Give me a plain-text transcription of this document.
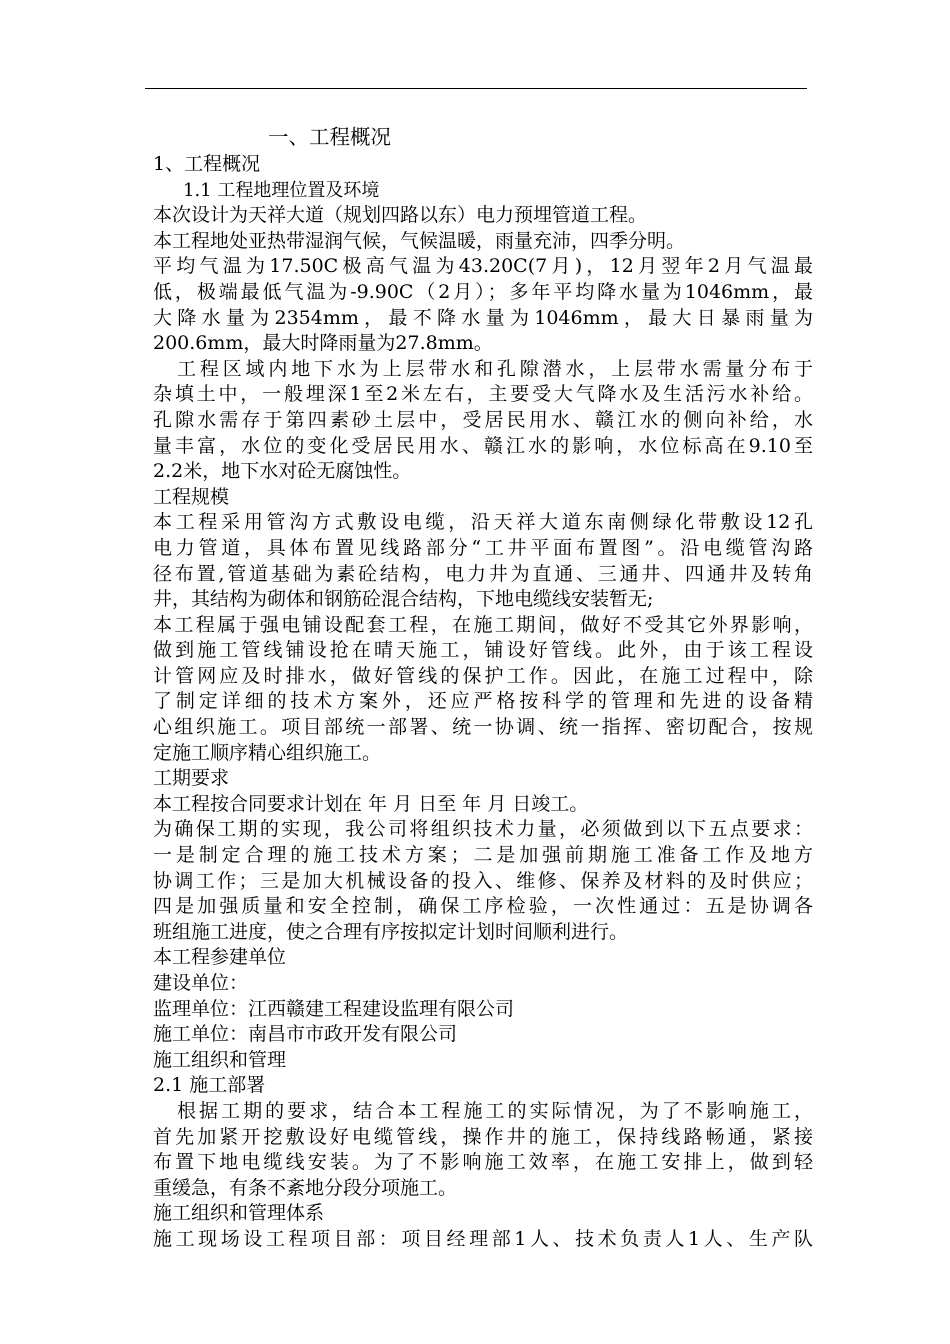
一、工程概况
1、工程概况
1.1 工程地理位置及环境
本次设计为天祥大道（规划四路以东）电力预埋管道工程。
本工程地处亚热带湿润气候，气候温暖，雨量充沛，四季分明。
平均气温为17.50C极高气温为43.20C(7月)，12月翌年2月气温最
低，极端最低气温为-9.90C（2月）；多年平均降水量为1046mm，最
大降水量为2354mm，最不降水量为1046mm，最大日暴雨量为
200.6mm，最大时降雨量为27.8mm。
工程区域内地下水为上层带水和孔隙潜水，上层带水需量分布于
杂填土中，一般埋深1至2米左右，主要受大气降水及生活污水补给。
孔隙水需存于第四素砂土层中，受居民用水、赣江水的侧向补给，水
量丰富，水位的变化受居民用水、赣江水的影响，水位标高在9.10至
2.2米，地下水对砼无腐蚀性。
工程规模
本工程采用管沟方式敷设电缆，沿天祥大道东南侧绿化带敷设12孔
电力管道，具体布置见线路部分“工井平面布置图”。沿电缆管沟路
径布置,管道基础为素砼结构，电力井为直通、三通井、四通井及转角
井，其结构为砌体和钢筋砼混合结构，下地电缆线安装暂无;
本工程属于强电铺设配套工程，在施工期间，做好不受其它外界影响，
做到施工管线铺设抢在晴天施工，铺设好管线。此外，由于该工程设
计管网应及时排水，做好管线的保护工作。因此，在施工过程中，除
了制定详细的技术方案外，还应严格按科学的管理和先进的设备精
心组织施工。项目部统一部署、统一协调、统一指挥、密切配合，按规
定施工顺序精心组织施工。
工期要求
本工程按合同要求计划在 年 月 日至 年 月 日竣工。
为确保工期的实现，我公司将组织技术力量，必须做到以下五点要求：
一是制定合理的施工技术方案；二是加强前期施工准备工作及地方
协调工作；三是加大机械设备的投入、维修、保养及材料的及时供应；
四是加强质量和安全控制，确保工序检验，一次性通过：五是协调各
班组施工进度，使之合理有序按拟定计划时间顺利进行。
本工程参建单位
建设单位：
监理单位：江西赣建工程建设监理有限公司
施工单位：南昌市市政开发有限公司
施工组织和管理
2.1 施工部署
根据工期的要求，结合本工程施工的实际情况，为了不影响施工，
首先加紧开挖敷设好电缆管线，操作井的施工，保持线路畅通，紧接
布置下地电缆线安装。为了不影响施工效率，在施工安排上，做到轻
重缓急，有条不紊地分段分项施工。
施工组织和管理体系
施工现场设工程项目部：项目经理部1人、技术负责人1人、生产队
